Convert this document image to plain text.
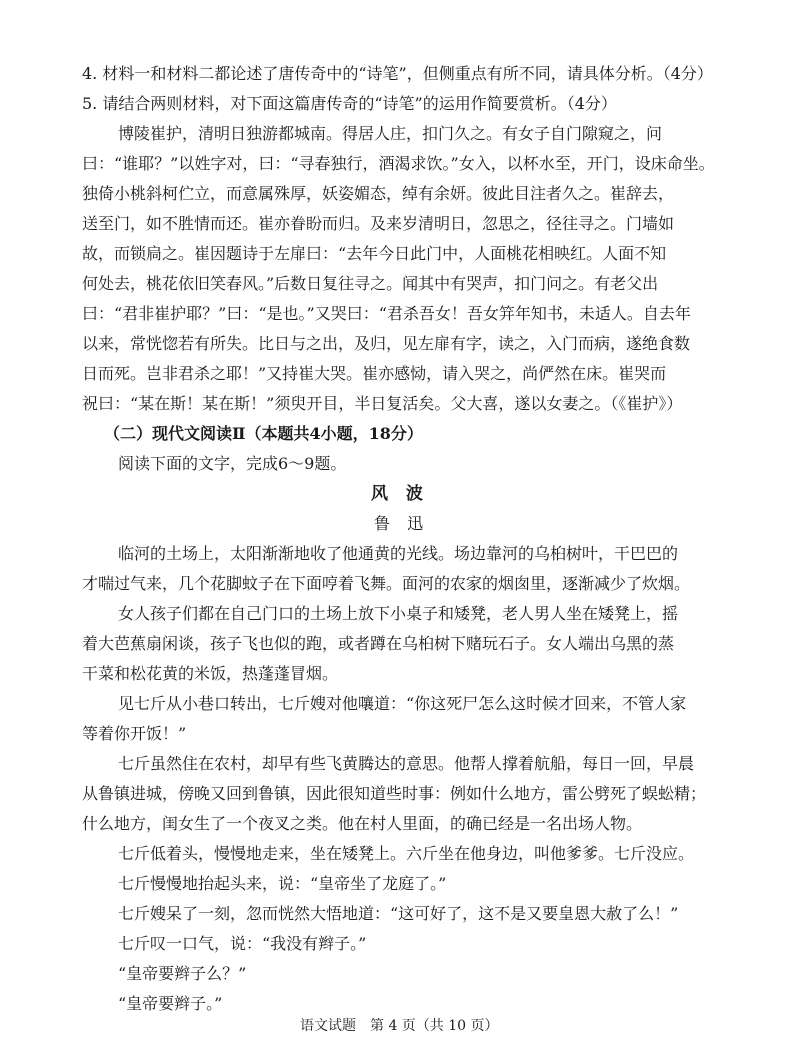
4. 材料一和材料二都论述了唐传奇中的“诗笔”，但侧重点有所不同，请具体分析。（4分）
5. 请结合两则材料，对下面这篇唐传奇的“诗笔”的运用作简要赏析。（4分）
博陵崔护，清明日独游都城南。得居人庄，扣门久之。有女子自门隙窥之，问
曰：“谁耶？”以姓字对，曰：“寻春独行，酒渴求饮。”女入，以杯水至，开门，设床命坐。
独倚小桃斜柯伫立，而意属殊厚，妖姿媚态，绰有余妍。彼此目注者久之。崔辞去，
送至门，如不胜情而还。崔亦眷盼而归。及来岁清明日，忽思之，径往寻之。门墙如
故，而锁扃之。崔因题诗于左扉曰：“去年今日此门中，人面桃花相映红。人面不知
何处去，桃花依旧笑春风。”后数日复往寻之。闻其中有哭声，扣门问之。有老父出
曰：“君非崔护耶？”曰：“是也。”又哭曰：“君杀吾女！吾女笄年知书，未适人。自去年
以来，常恍惚若有所失。比日与之出，及归，见左扉有字，读之，入门而病，遂绝食数
日而死。岂非君杀之耶！”又持崔大哭。崔亦感恸，请入哭之，尚俨然在床。崔哭而
祝曰：“某在斯！某在斯！”须臾开目，半日复活矣。父大喜，遂以女妻之。（《崔护》）
（二）现代文阅读Ⅱ（本题共4小题，18分）
阅读下面的文字，完成6～9题。
风 波
鲁 迅
临河的土场上，太阳渐渐地收了他通黄的光线。场边靠河的乌桕树叶，干巴巴的
才喘过气来，几个花脚蚊子在下面哼着飞舞。面河的农家的烟囱里，逐渐减少了炊烟。
女人孩子们都在自己门口的土场上放下小桌子和矮凳，老人男人坐在矮凳上，摇
着大芭蕉扇闲谈，孩子飞也似的跑，或者蹲在乌桕树下赌玩石子。女人端出乌黑的蒸
干菜和松花黄的米饭，热蓬蓬冒烟。
见七斤从小巷口转出，七斤嫂对他嚷道：“你这死尸怎么这时候才回来，不管人家
等着你开饭！”
七斤虽然住在农村，却早有些飞黄腾达的意思。他帮人撑着航船，每日一回，早晨
从鲁镇进城，傍晚又回到鲁镇，因此很知道些时事：例如什么地方，雷公劈死了蜈蚣精；
什么地方，闺女生了一个夜叉之类。他在村人里面，的确已经是一名出场人物。
七斤低着头，慢慢地走来，坐在矮凳上。六斤坐在他身边，叫他爹爹。七斤没应。
七斤慢慢地抬起头来，说：“皇帝坐了龙庭了。”
七斤嫂呆了一刻，忽而恍然大悟地道：“这可好了，这不是又要皇恩大赦了么！”
七斤叹一口气，说：“我没有辫子。”
“皇帝要辫子么？”
“皇帝要辫子。”
语文试题　第 4 页（共 10 页）
